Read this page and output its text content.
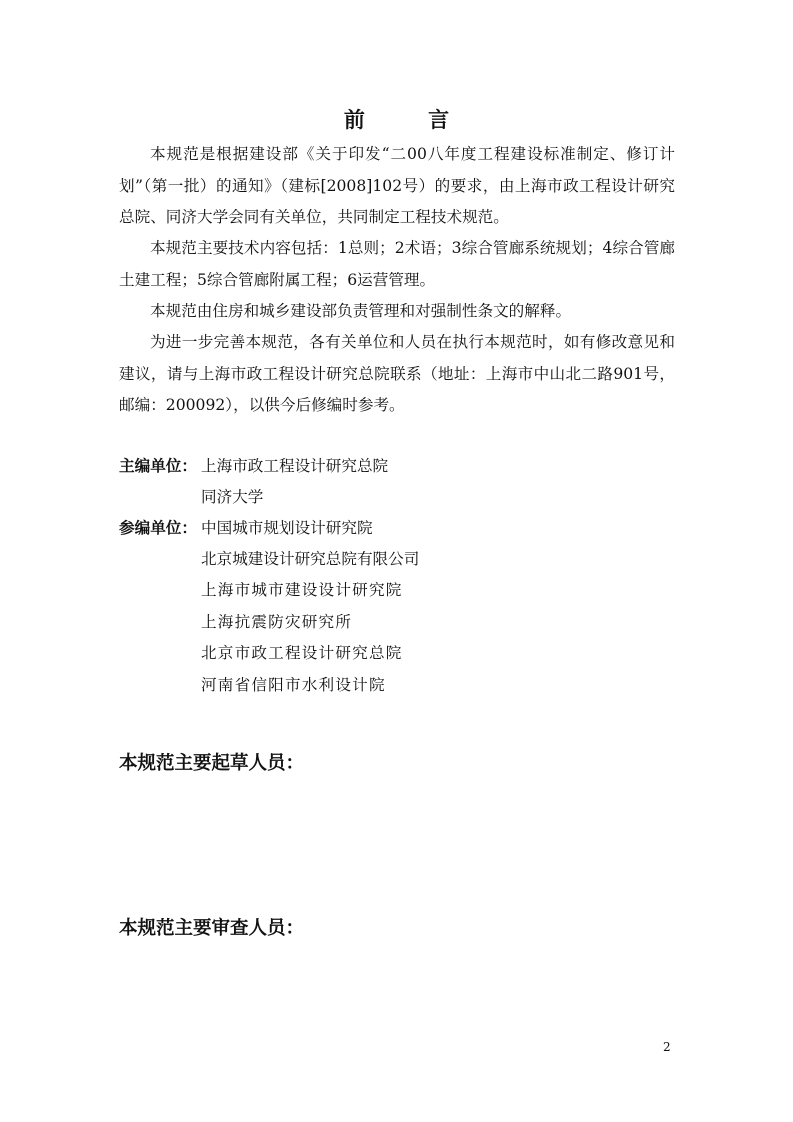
前 言

本规范是根据建设部《关于印发“二00八年度工程建设标准制定、修订计划”（第一批）的通知》（建标[2008]102号）的要求，由上海市政工程设计研究总院、同济大学会同有关单位，共同制定工程技术规范。

本规范主要技术内容包括：1总则；2术语；3综合管廊系统规划；4综合管廊土建工程；5综合管廊附属工程；6运营管理。

本规范由住房和城乡建设部负责管理和对强制性条文的解释。

为进一步完善本规范，各有关单位和人员在执行本规范时，如有修改意见和建议，请与上海市政工程设计研究总院联系（地址：上海市中山北二路901号，邮编：200092），以供今后修编时参考。

主编单位： 上海市政工程设计研究总院
同济大学
参编单位： 中国城市规划设计研究院
北京城建设计研究总院有限公司
上海市城市建设设计研究院
上海抗震防灾研究所
北京市政工程设计研究总院
河南省信阳市水利设计院
本规范主要起草人员：
本规范主要审查人员：
2
